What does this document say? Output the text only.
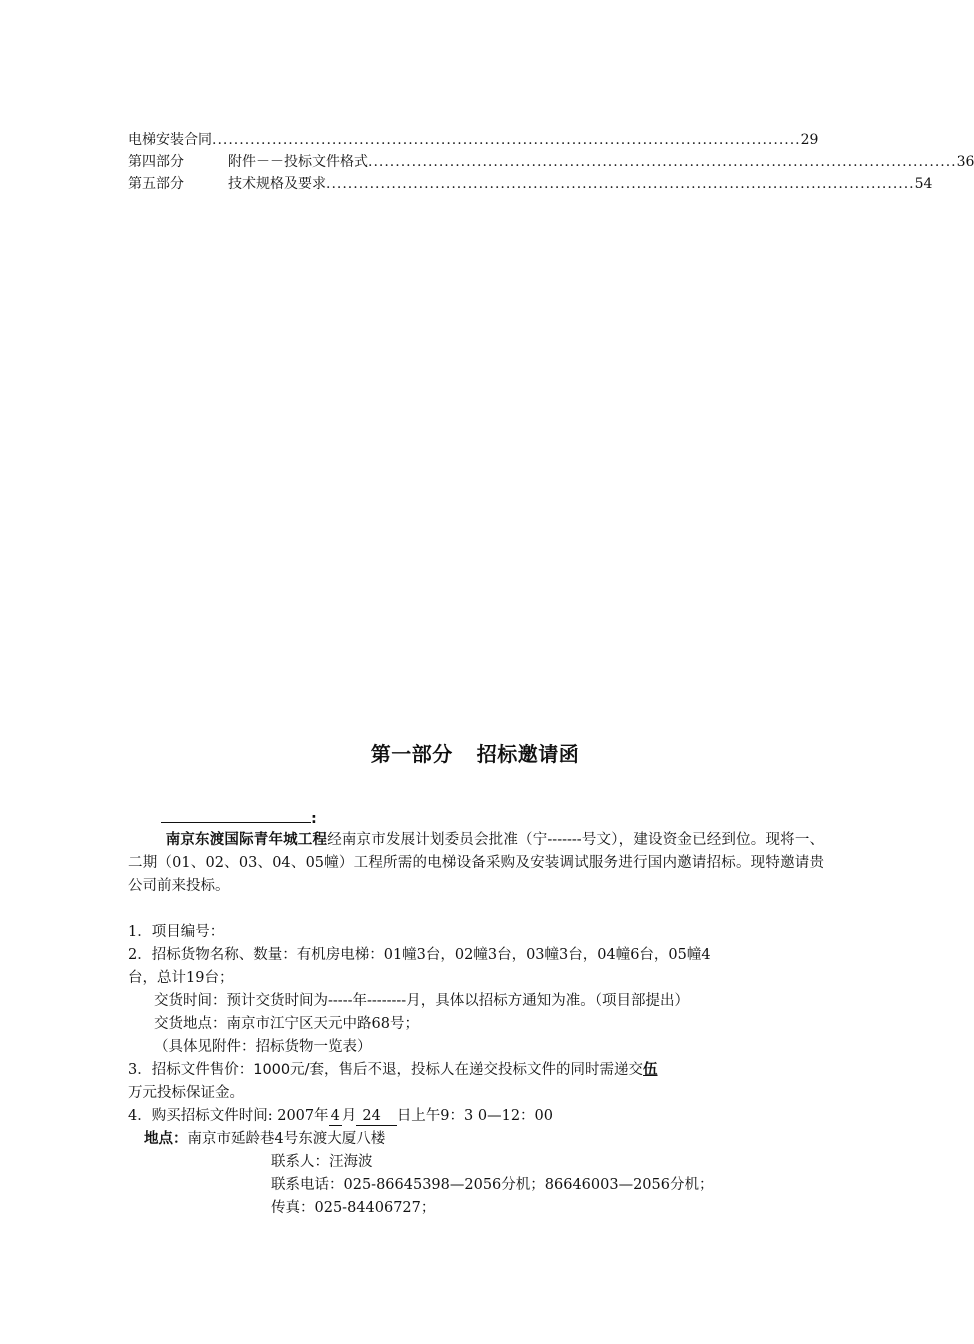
电梯安装合同 ............................................................................................................ 29
第四部分	附件－－投标文件格式 ............................................................................................................ 36
第五部分	技术规格及要求 ............................................................................................................ 54
第一部分 招标邀请函
:

南京东渡国际青年城工程经南京市发展计划委员会批准（宁-------号文），建设资金已经到位。现将一、二期（01、02、03、04、05幢）工程所需的电梯设备采购及安装调试服务进行国内邀请招标。现特邀请贵公司前来投标。

1．项目编号：
2．招标货物名称、数量：有机房电梯：01幢3台，02幢3台，03幢3台，04幢6台，05幢4
台，总计19台；
交货时间：预计交货时间为-----年--------月，具体以招标方通知为准。（项目部提出）
交货地点：南京市江宁区天元中路68号；
（具体见附件：招标货物一览表）
3．招标文件售价：1000元/套，售后不退，投标人在递交投标文件的同时需递交伍
万元投标保证金。
4．购买招标文件时间: 2007年 4 月 24 日上午9：3 0—12：00
地点：南京市延龄巷4号东渡大厦八楼
联系人：汪海波
联系电话：025-86645398—2056分机；86646003—2056分机；
传真：025-84406727；
